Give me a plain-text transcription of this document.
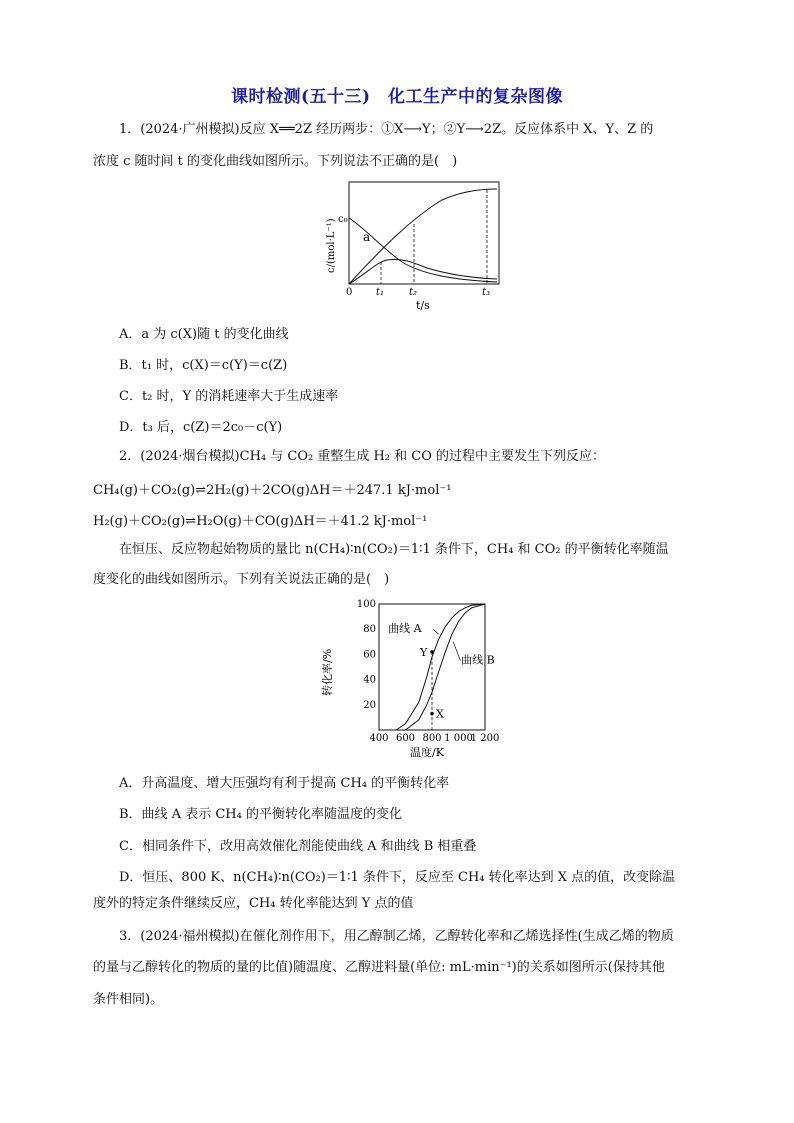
课时检测(五十三)　化工生产中的复杂图像
1．(2024·广州模拟)反应 X══2Z 经历两步：①X⟶Y；②Y⟶2Z。反应体系中 X、Y、Z 的
浓度 c 随时间 t 的变化曲线如图所示。下列说法不正确的是(　)
c₀
a
0 t₁ t₂	t₃
t/s
c/(mol·L⁻¹)
A．a 为 c(X)随 t 的变化曲线
B．t₁ 时，c(X)＝c(Y)＝c(Z)
C．t₂ 时，Y 的消耗速率大于生成速率
D．t₃ 后，c(Z)＝2c₀－c(Y)
2．(2024·烟台模拟)CH₄ 与 CO₂ 重整生成 H₂ 和 CO 的过程中主要发生下列反应：
CH₄(g)＋CO₂(g)⇌2H₂(g)＋2CO(g)ΔH＝＋247.1 kJ·mol⁻¹
H₂(g)＋CO₂(g)⇌H₂O(g)＋CO(g)ΔH＝＋41.2 kJ·mol⁻¹
在恒压、反应物起始物质的量比 n(CH₄)∶n(CO₂)＝1∶1 条件下，CH₄ 和 CO₂ 的平衡转化率随温
度变化的曲线如图所示。下列有关说法正确的是(　)
400 600 800 1 000
1 200
20
40
60
80
100
曲线 A
曲线 B
Y
X
温度/K
转化率/%
A．升高温度、增大压强均有利于提高 CH₄ 的平衡转化率
B．曲线 A 表示 CH₄ 的平衡转化率随温度的变化
C．相同条件下，改用高效催化剂能使曲线 A 和曲线 B 相重叠
D．恒压、800 K、n(CH₄)∶n(CO₂)＝1∶1 条件下，反应至 CH₄ 转化率达到 X 点的值，改变除温
度外的特定条件继续反应，CH₄ 转化率能达到 Y 点的值
3．(2024·福州模拟)在催化剂作用下，用乙醇制乙烯，乙醇转化率和乙烯选择性(生成乙烯的物质
的量与乙醇转化的物质的量的比值)随温度、乙醇进料量(单位: mL·min⁻¹)的关系如图所示(保持其他
条件相同)。
